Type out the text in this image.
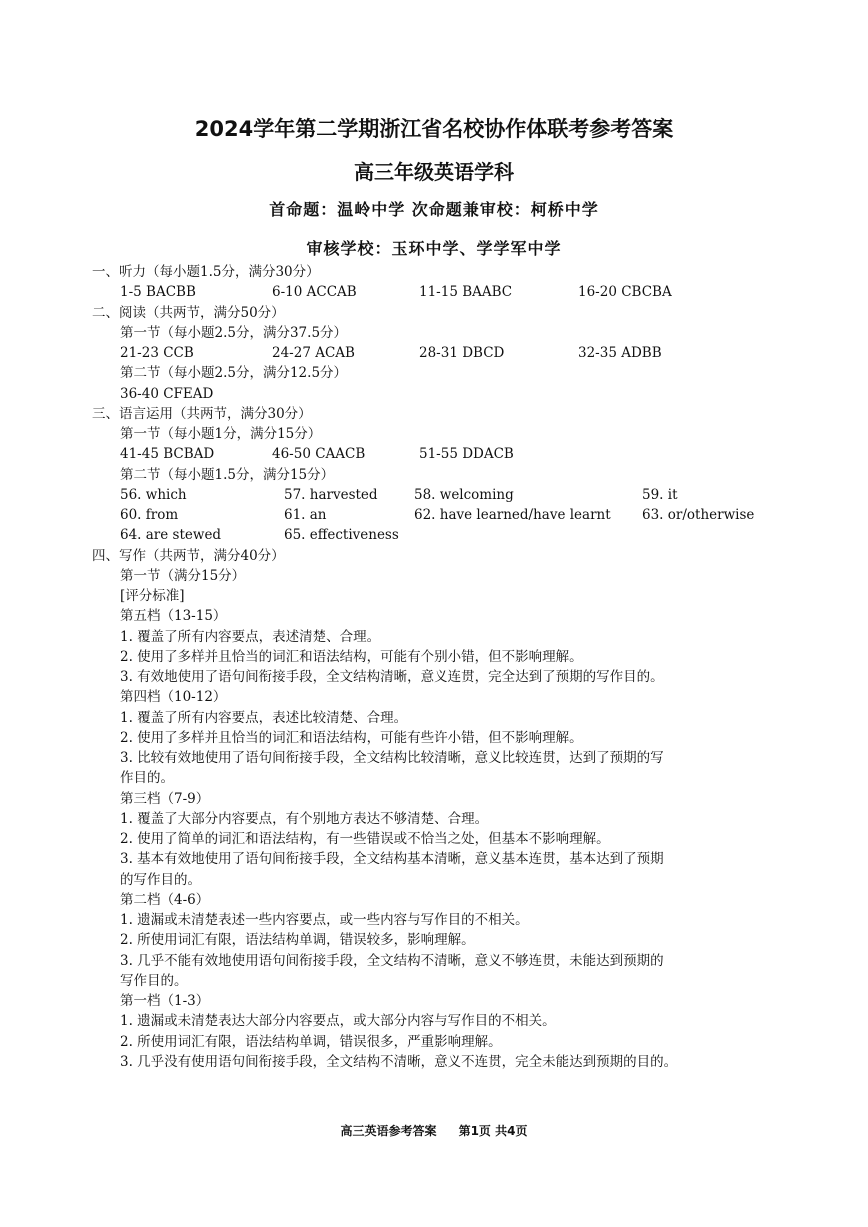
2024学年第二学期浙江省名校协作体联考参考答案
高三年级英语学科
首命题：温岭中学 次命题兼审校：柯桥中学
审核学校：玉环中学、学学军中学
一、听力（每小题1.5分，满分30分）
1-5 BACBB	6-10 ACCAB	11-15 BAABC	16-20 CBCBA
二、阅读（共两节，满分50分）
第一节（每小题2.5分，满分37.5分）
21-23 CCB	24-27 ACAB	28-31 DBCD	32-35 ADBB
第二节（每小题2.5分，满分12.5分）
36-40 CFEAD
三、语言运用（共两节，满分30分）
第一节（每小题1分，满分15分）
41-45 BCBAD	46-50 CAACB	51-55 DDACB
第二节（每小题1.5分，满分15分）
56. which	57. harvested	58. welcoming	59. it
60. from	61. an	62. have learned/have learnt 63. or/otherwise
64. are stewed	65. effectiveness
四、写作（共两节，满分40分）
第一节（满分15分）
[评分标准]
第五档（13-15）
1. 覆盖了所有内容要点，表述清楚、合理。
2. 使用了多样并且恰当的词汇和语法结构，可能有个别小错，但不影响理解。
3. 有效地使用了语句间衔接手段，全文结构清晰，意义连贯，完全达到了预期的写作目的。
第四档（10-12）
1. 覆盖了所有内容要点，表述比较清楚、合理。
2. 使用了多样并且恰当的词汇和语法结构，可能有些许小错，但不影响理解。
3. 比较有效地使用了语句间衔接手段，全文结构比较清晰，意义比较连贯，达到了预期的写
作目的。
第三档（7-9）
1. 覆盖了大部分内容要点，有个别地方表达不够清楚、合理。
2. 使用了简单的词汇和语法结构，有一些错误或不恰当之处，但基本不影响理解。
3. 基本有效地使用了语句间衔接手段，全文结构基本清晰，意义基本连贯，基本达到了预期
的写作目的。
第二档（4-6）
1. 遗漏或未清楚表述一些内容要点，或一些内容与写作目的不相关。
2. 所使用词汇有限，语法结构单调，错误较多，影响理解。
3. 几乎不能有效地使用语句间衔接手段，全文结构不清晰，意义不够连贯，未能达到预期的
写作目的。
第一档（1-3）
1. 遗漏或未清楚表达大部分内容要点，或大部分内容与写作目的不相关。
2. 所使用词汇有限，语法结构单调，错误很多，严重影响理解。
3. 几乎没有使用语句间衔接手段，全文结构不清晰，意义不连贯，完全未能达到预期的目的。
高三英语参考答案 第1页 共4页
